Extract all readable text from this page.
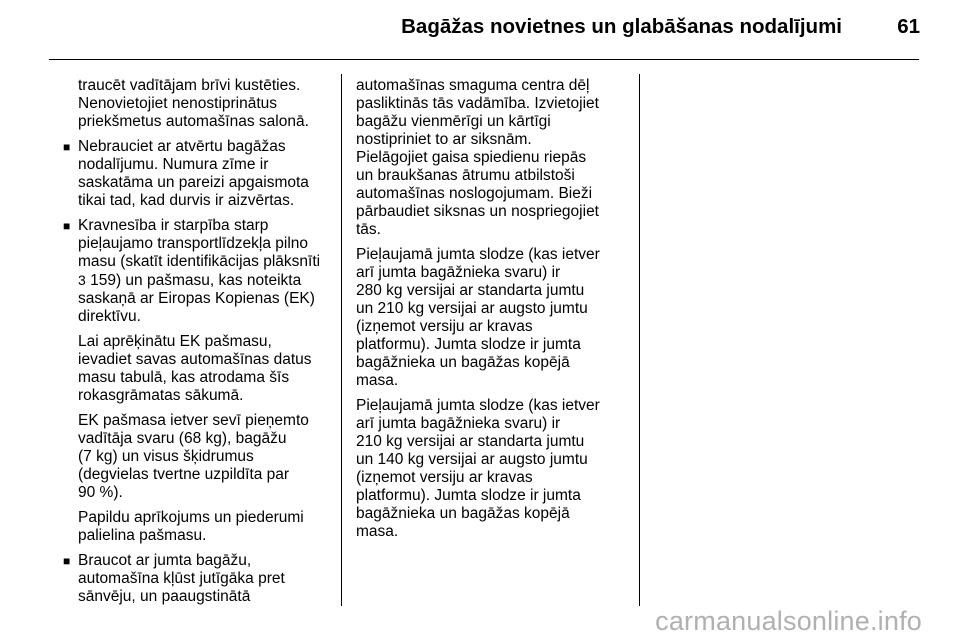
Bagāžas novietnes un glabāšanas nodalījumi	61
traucēt vadītājam brīvi kustēties.
Nenovietojiet nenostiprinātus
priekšmetus automašīnas salonā.
■ Nebrauciet ar atvērtu bagāžas
nodalījumu. Numura zīme ir
saskatāma un pareizi apgaismota
tikai tad, kad durvis ir aizvērtas.
■ Kravnesība ir starpība starp
pieļaujamo transportlīdzekļa pilno
masu (skatīt identifikācijas plāksnīti
3 159) un pašmasu, kas noteikta
saskaņā ar Eiropas Kopienas (EK)
direktīvu.
Lai aprēķinātu EK pašmasu,
ievadiet savas automašīnas datus
masu tabulā, kas atrodama šīs
rokasgrāmatas sākumā.
EK pašmasa ietver sevī pieņemto
vadītāja svaru (68 kg), bagāžu
(7 kg) un visus šķidrumus
(degvielas tvertne uzpildīta par
90 %).
Papildu aprīkojums un piederumi
palielina pašmasu.
■ Braucot ar jumta bagāžu,
automašīna kļūst jutīgāka pret
sānvēju, un paaugstinātā
automašīnas smaguma centra dēļ
pasliktinās tās vadāmība. Izvietojiet
bagāžu vienmērīgi un kārtīgi
nostipriniet to ar siksnām.
Pielāgojiet gaisa spiedienu riepās
un braukšanas ātrumu atbilstoši
automašīnas noslogojumam. Bieži
pārbaudiet siksnas un nospriegojiet
tās.
Pieļaujamā jumta slodze (kas ietver
arī jumta bagāžnieka svaru) ir
280 kg versijai ar standarta jumtu
un 210 kg versijai ar augsto jumtu
(izņemot versiju ar kravas
platformu). Jumta slodze ir jumta
bagāžnieka un bagāžas kopējā
masa.
Pieļaujamā jumta slodze (kas ietver
arī jumta bagāžnieka svaru) ir
210 kg versijai ar standarta jumtu
un 140 kg versijai ar augsto jumtu
(izņemot versiju ar kravas
platformu). Jumta slodze ir jumta
bagāžnieka un bagāžas kopējā
masa.
carmanualsonline.info
